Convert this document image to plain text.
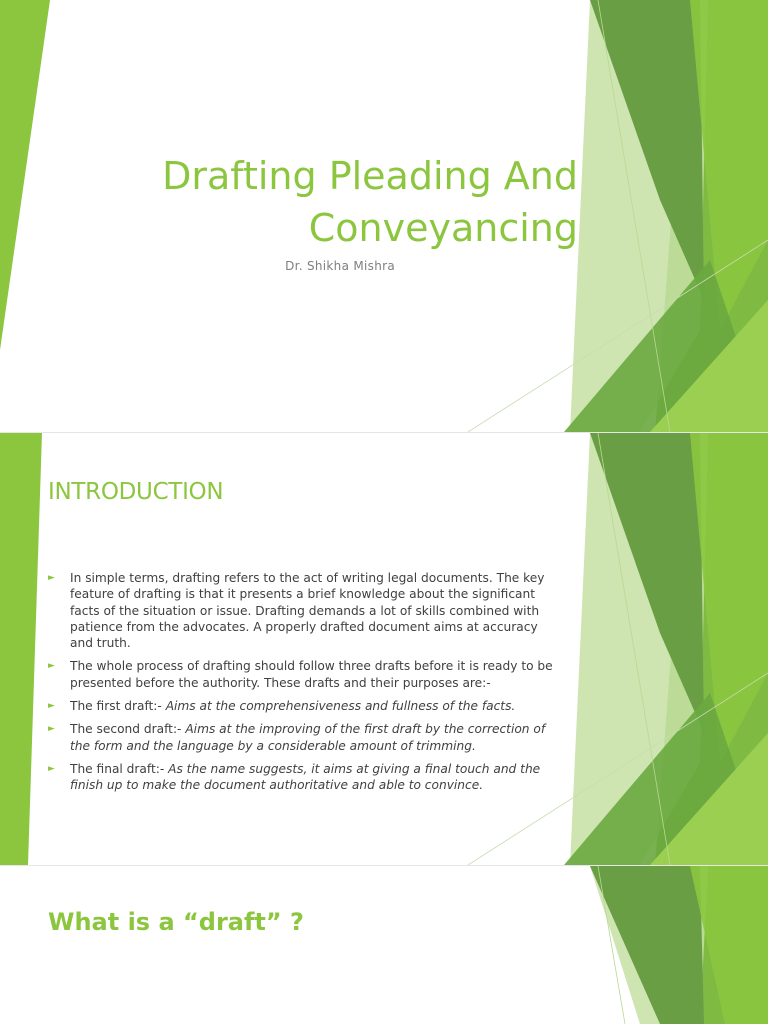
Drafting Pleading And
Conveyancing
Dr. Shikha Mishra
INTRODUCTION
► In simple terms, drafting refers to the act of writing legal documents. The key feature of drafting is that it presents a brief knowledge about the significant facts of the situation or issue. Drafting demands a lot of skills combined with patience from the advocates. A properly drafted document aims at accuracy and truth.
► The whole process of drafting should follow three drafts before it is ready to be presented before the authority. These drafts and their purposes are:-
► The first draft:- Aims at the comprehensiveness and fullness of the facts.
► The second draft:- Aims at the improving of the first draft by the correction of the form and the language by a considerable amount of trimming.
► The final draft:- As the name suggests, it aims at giving a final touch and the finish up to make the document authoritative and able to convince.
What is a “draft” ?
